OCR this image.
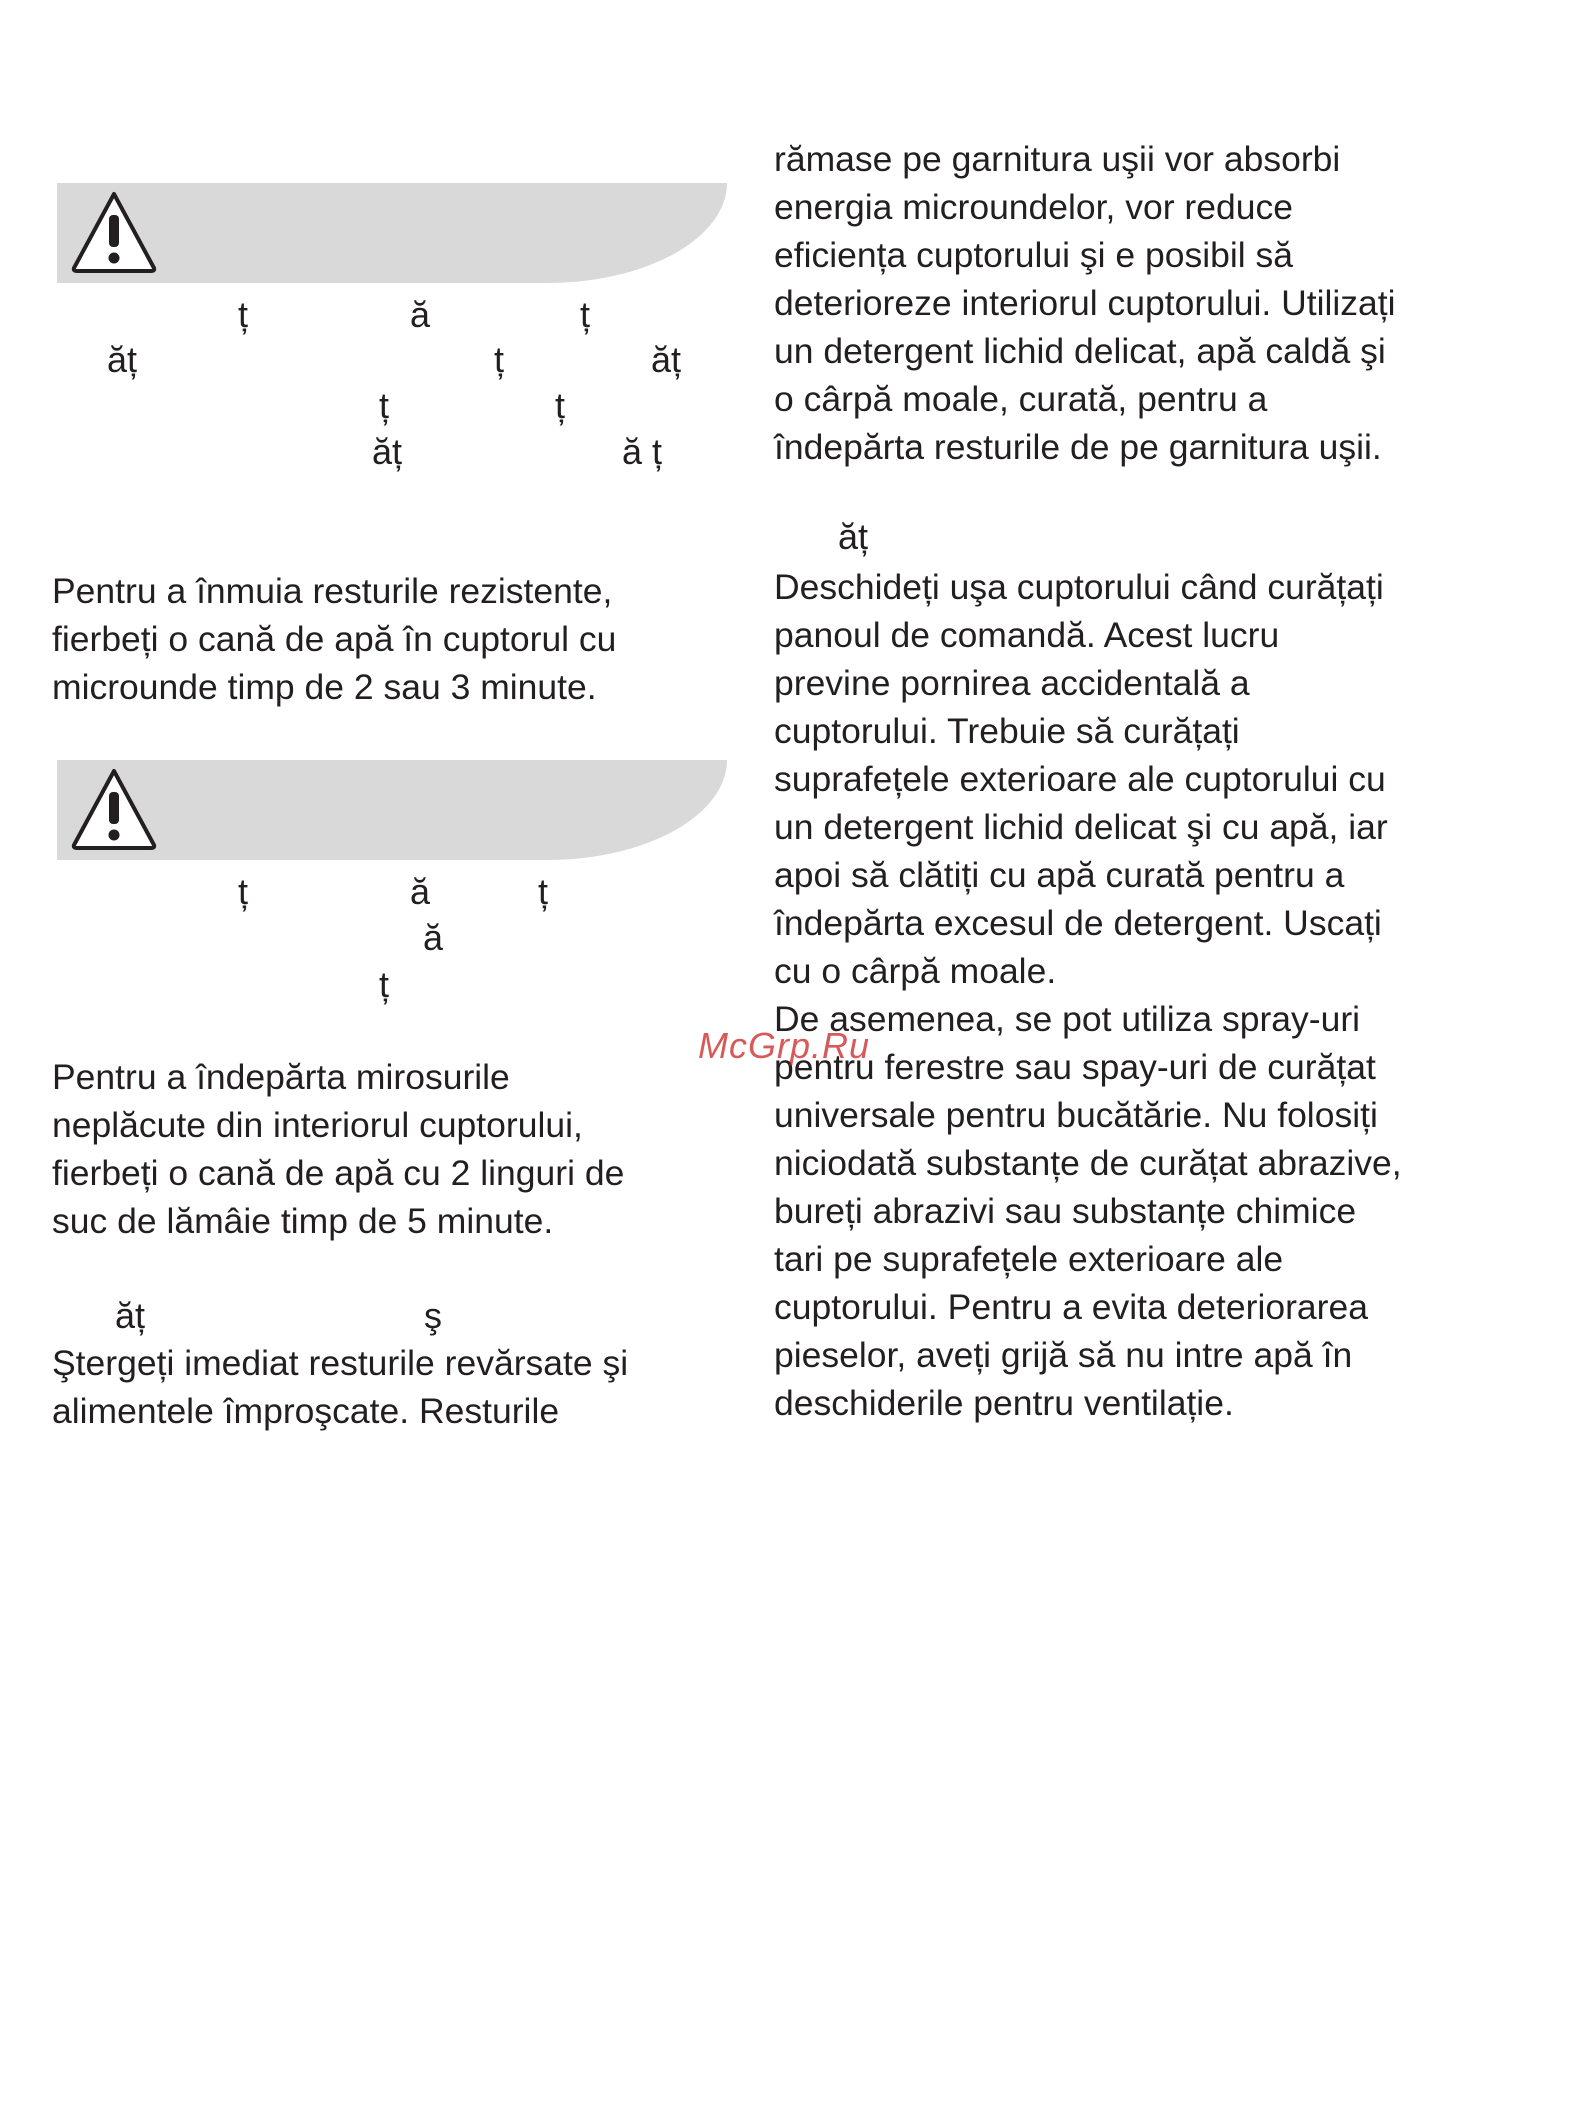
ț	ă	ț
ăț	ț	ăț
ț	ț
ăț	ă ț

Pentru a înmuia resturile rezistente,

fierbeți o cană de apă în cuptorul cu

microunde timp de 2 sau 3 minute.

ț	ă	ț
ă
ț

Pentru a îndepărta mirosurile

neplăcute din interiorul cuptorului,

fierbeți o cană de apă cu 2 linguri de

suc de lămâie timp de 5 minute.

ăț	ş

Ştergeți imediat resturile revărsate şi

alimentele împroşcate. Resturile

rămase pe garnitura uşii vor absorbi

energia microundelor, vor reduce

eficiența cuptorului şi e posibil să

deterioreze interiorul cuptorului. Utilizați

un detergent lichid delicat, apă caldă şi

o cârpă moale, curată, pentru a

îndepărta resturile de pe garnitura uşii.

ăț

Deschideți uşa cuptorului când curățați

panoul de comandă. Acest lucru

previne pornirea accidentală a

cuptorului. Trebuie să curățați

suprafețele exterioare ale cuptorului cu

un detergent lichid delicat şi cu apă, iar

apoi să clătiți cu apă curată pentru a

îndepărta excesul de detergent. Uscați

cu o cârpă moale.

De asemenea, se pot utiliza spray-uri

pentru ferestre sau spay-uri de curățat

universale pentru bucătărie. Nu folosiți

niciodată substanțe de curățat abrazive,

bureți abrazivi sau substanțe chimice

tari pe suprafețele exterioare ale

cuptorului. Pentru a evita deteriorarea

pieselor, aveți grijă să nu intre apă în

deschiderile pentru ventilație.

McGrp.Ru
